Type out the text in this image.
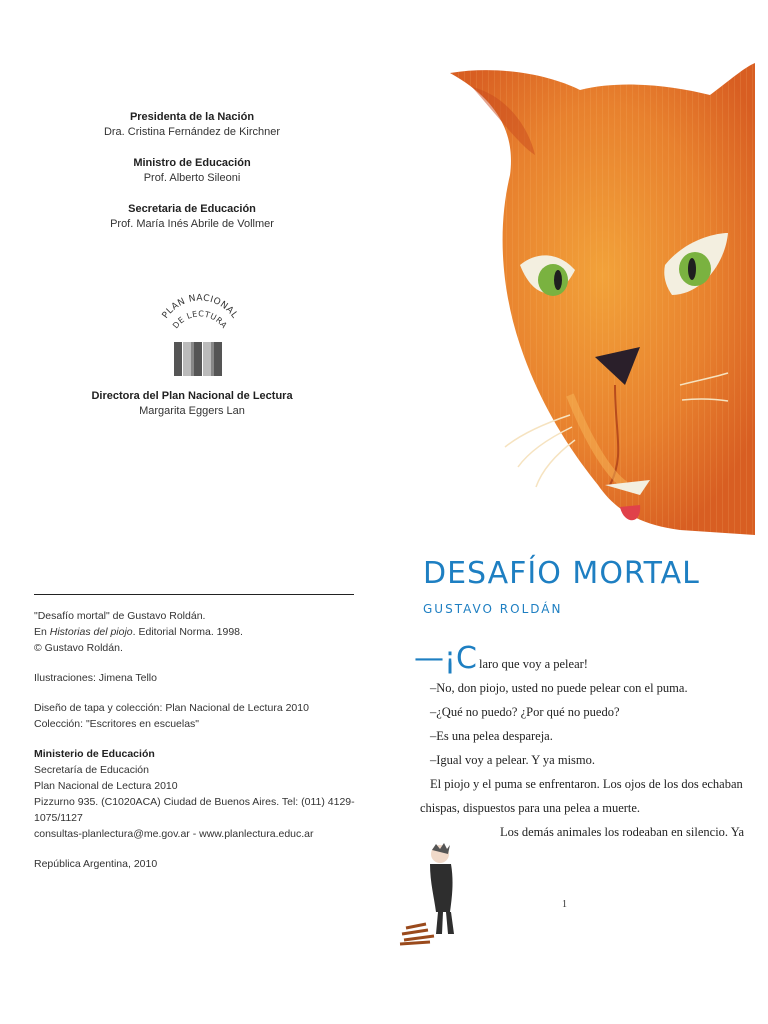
Presidenta de la Nación
Dra. Cristina Fernández de Kirchner
Ministro de Educación
Prof. Alberto Sileoni
Secretaria de Educación
Prof. María Inés Abrile de Vollmer
PLAN NACIONAL
DE LECTURA
Directora del Plan Nacional de Lectura
Margarita Eggers Lan

"Desafío mortal" de Gustavo Roldán.

En Historias del piojo. Editorial Norma. 1998.

© Gustavo Roldán.

Ilustraciones: Jimena Tello

Diseño de tapa y colección: Plan Nacional de Lectura 2010

Colección: "Escritores en escuelas"

Ministerio de Educación

Secretaría de Educación

Plan Nacional de Lectura 2010

Pizzurno 935. (C1020ACA) Ciudad de Buenos Aires. Tel: (011) 4129-1075/1127

consultas-planlectura@me.gov.ar - www.planlectura.educ.ar

República Argentina, 2010

DESAFÍO MORTAL
GUSTAVO ROLDÁN
—¡C laro que voy a pelear!

–No, don piojo, usted no puede pelear con el puma.

–¿Qué no puedo? ¿Por qué no puedo?

–Es una pelea despareja.

–Igual voy a pelear. Y ya mismo.

El piojo y el puma se enfrentaron. Los ojos de los dos echaban chispas, dispuestos para una pelea a muerte.

Los demás animales los rodeaban en silencio. Ya

1
